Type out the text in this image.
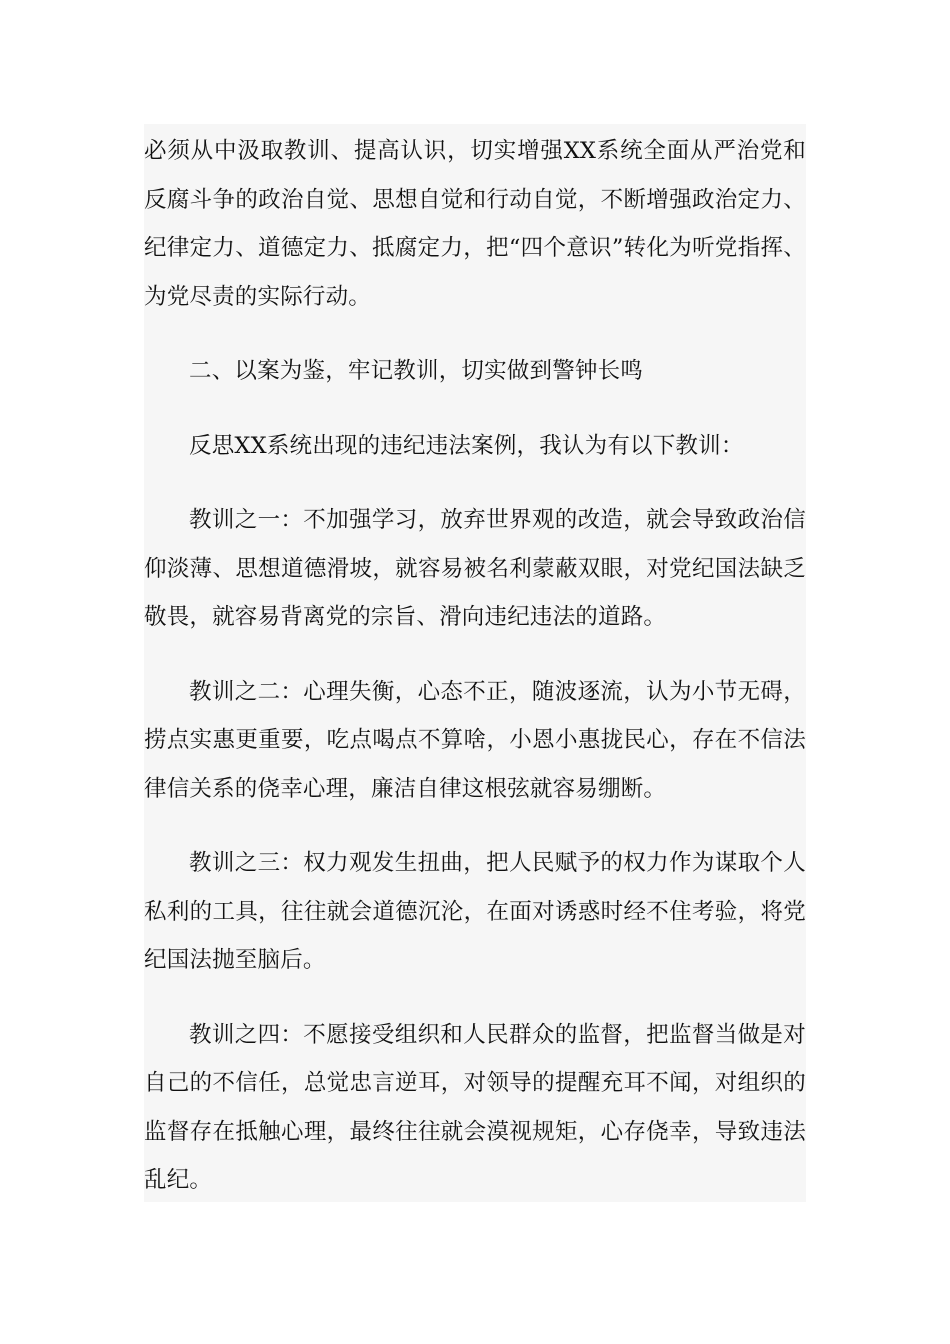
必须从中汲取教训、提高认识，切实增强XX系统全面从严治党和反腐斗争的政治自觉、思想自觉和行动自觉，不断增强政治定力、纪律定力、道德定力、抵腐定力，把“四个意识”转化为听党指挥、为党尽责的实际行动。

二、以案为鉴，牢记教训，切实做到警钟长鸣

反思XX系统出现的违纪违法案例，我认为有以下教训：

教训之一：不加强学习，放弃世界观的改造，就会导致政治信仰淡薄、思想道德滑坡，就容易被名利蒙蔽双眼，对党纪国法缺乏敬畏，就容易背离党的宗旨、滑向违纪违法的道路。

教训之二：心理失衡，心态不正，随波逐流，认为小节无碍，捞点实惠更重要，吃点喝点不算啥，小恩小惠拢民心，存在不信法律信关系的侥幸心理，廉洁自律这根弦就容易绷断。

教训之三：权力观发生扭曲，把人民赋予的权力作为谋取个人私利的工具，往往就会道德沉沦，在面对诱惑时经不住考验，将党纪国法抛至脑后。

教训之四：不愿接受组织和人民群众的监督，把监督当做是对自己的不信任，总觉忠言逆耳，对领导的提醒充耳不闻，对组织的监督存在抵触心理，最终往往就会漠视规矩，心存侥幸，导致违法乱纪。
